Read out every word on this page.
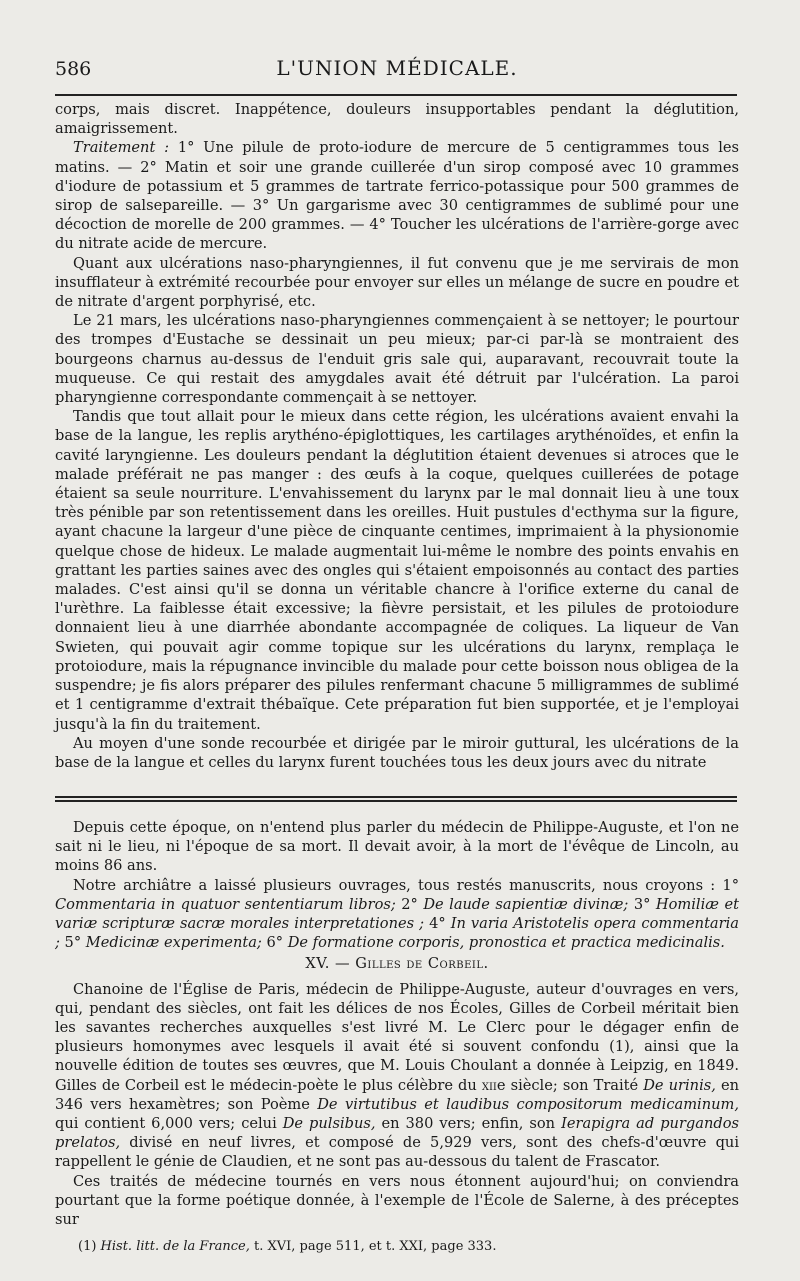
586	L'UNION MÉDICALE.

corps, mais discret. Inappétence, douleurs insupportables pendant la déglutition, amaigrissement.

Traitement : 1° Une pilule de proto-iodure de mercure de 5 centigrammes tous les matins. — 2° Matin et soir une grande cuillerée d'un sirop composé avec 10 grammes d'iodure de potassium et 5 grammes de tartrate ferrico-potassique pour 500 grammes de sirop de salsepareille. — 3° Un gargarisme avec 30 centigrammes de sublimé pour une décoction de morelle de 200 grammes. — 4° Toucher les ulcérations de l'arrière-gorge avec du nitrate acide de mercure.

Quant aux ulcérations naso-pharyngiennes, il fut convenu que je me servirais de mon insufflateur à extrémité recourbée pour envoyer sur elles un mélange de sucre en poudre et de nitrate d'argent porphyrisé, etc.

Le 21 mars, les ulcérations naso-pharyngiennes commençaient à se nettoyer; le pourtour des trompes d'Eustache se dessinait un peu mieux; par-ci par-là se montraient des bourgeons charnus au-dessus de l'enduit gris sale qui, auparavant, recouvrait toute la muqueuse. Ce qui restait des amygdales avait été détruit par l'ulcération. La paroi pharyngienne correspondante commençait à se nettoyer.

Tandis que tout allait pour le mieux dans cette région, les ulcérations avaient envahi la base de la langue, les replis arythéno-épiglottiques, les cartilages arythénoïdes, et enfin la cavité laryngienne. Les douleurs pendant la déglutition étaient devenues si atroces que le malade préférait ne pas manger : des œufs à la coque, quelques cuillerées de potage étaient sa seule nourriture. L'envahissement du larynx par le mal donnait lieu à une toux très pénible par son retentissement dans les oreilles. Huit pustules d'ecthyma sur la figure, ayant chacune la largeur d'une pièce de cinquante centimes, imprimaient à la physionomie quelque chose de hideux. Le malade augmentait lui-même le nombre des points envahis en grattant les parties saines avec des ongles qui s'étaient empoisonnés au contact des parties malades. C'est ainsi qu'il se donna un véritable chancre à l'orifice externe du canal de l'urèthre. La faiblesse était excessive; la fièvre persistait, et les pilules de protoiodure donnaient lieu à une diarrhée abondante accompagnée de coliques. La liqueur de Van Swieten, qui pouvait agir comme topique sur les ulcérations du larynx, remplaça le protoiodure, mais la répugnance invincible du malade pour cette boisson nous obligea de la suspendre; je fis alors préparer des pilules renfermant chacune 5 milligrammes de sublimé et 1 centigramme d'extrait thébaïque. Cete préparation fut bien supportée, et je l'employai jusqu'à la fin du traitement.

Au moyen d'une sonde recourbée et dirigée par le miroir guttural, les ulcérations de la base de la langue et celles du larynx furent touchées tous les deux jours avec du nitrate

Depuis cette époque, on n'entend plus parler du médecin de Philippe-Auguste, et l'on ne sait ni le lieu, ni l'époque de sa mort. Il devait avoir, à la mort de l'évêque de Lincoln, au moins 86 ans.

Notre archiâtre a laissé plusieurs ouvrages, tous restés manuscrits, nous croyons : 1° Commentaria in quatuor sententiarum libros; 2° De laude sapientiæ divinæ; 3° Homiliæ et variæ scripturæ sacræ morales interpretationes ; 4° In varia Aristotelis opera commentaria ; 5° Medicinæ experimenta; 6° De formatione corporis, pronostica et practica medicinalis.

XV. — Gilles de Corbeil.

Chanoine de l'Église de Paris, médecin de Philippe-Auguste, auteur d'ouvrages en vers, qui, pendant des siècles, ont fait les délices de nos Écoles, Gilles de Corbeil méritait bien les savantes recherches auxquelles s'est livré M. Le Clerc pour le dégager enfin de plusieurs homonymes avec lesquels il avait été si souvent confondu (1), ainsi que la nouvelle édition de toutes ses œuvres, que M. Louis Choulant a donnée à Leipzig, en 1849. Gilles de Corbeil est le médecin-poète le plus célèbre du xiie siècle; son Traité De urinis, en 346 vers hexamètres; son Poème De virtutibus et laudibus compositorum medicaminum, qui contient 6,000 vers; celui De pulsibus, en 380 vers; enfin, son Ierapigra ad purgandos prelatos, divisé en neuf livres, et composé de 5,929 vers, sont des chefs-d'œuvre qui rappellent le génie de Claudien, et ne sont pas au-dessous du talent de Frascator.

Ces traités de médecine tournés en vers nous étonnent aujourd'hui; on conviendra pourtant que la forme poétique donnée, à l'exemple de l'École de Salerne, à des préceptes sur

(1) Hist. litt. de la France, t. XVI, page 511, et t. XXI, page 333.
